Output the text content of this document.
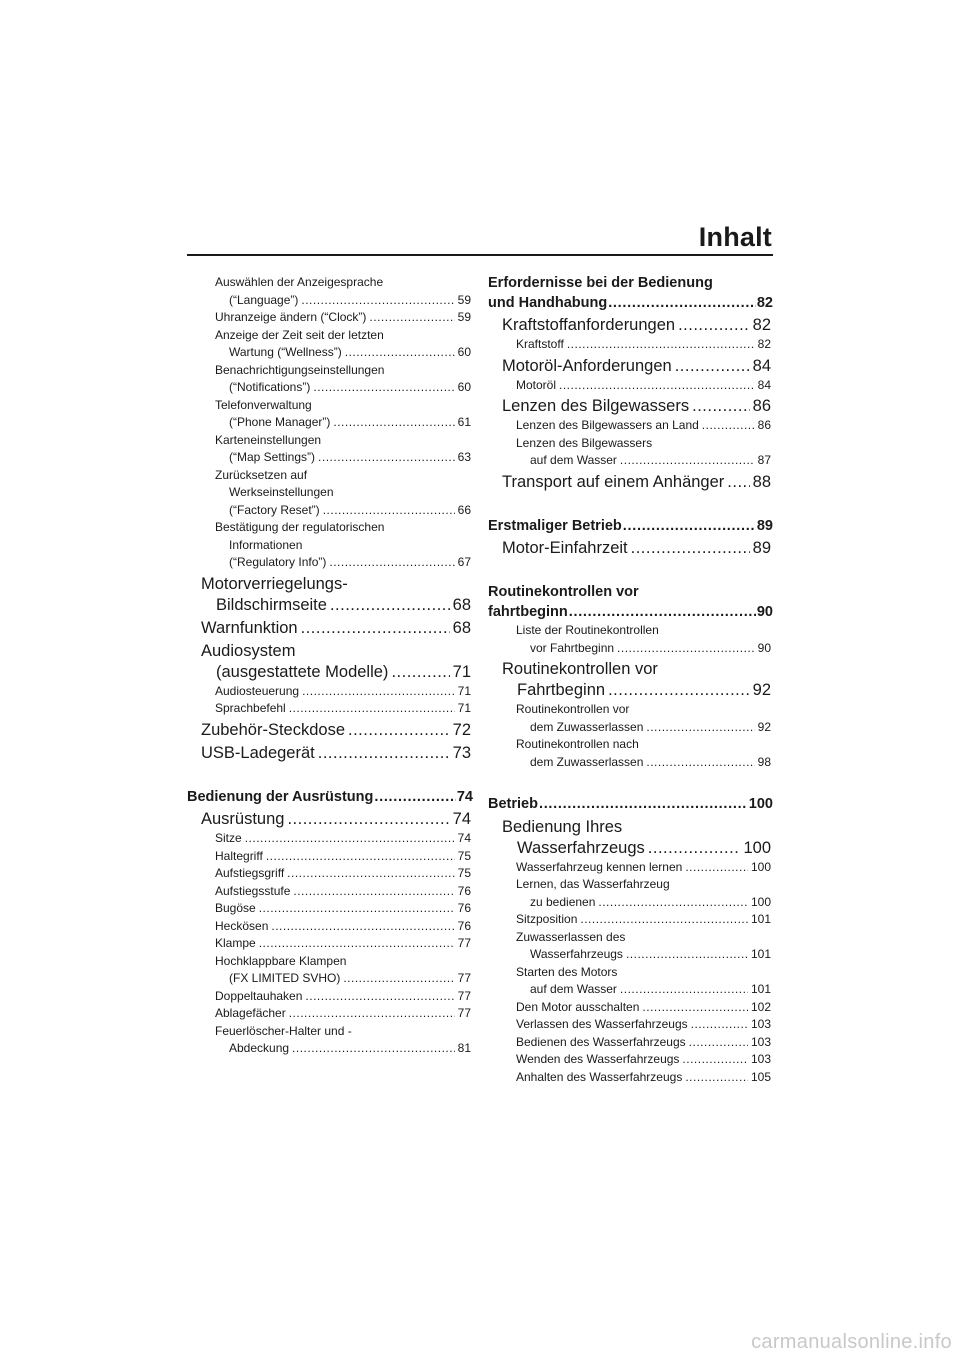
Inhalt
Auswählen der Anzeigesprache
(“Language”) .....	59
Uhranzeige ändern (“Clock”) .....	59
Anzeige der Zeit seit der letzten
Wartung (“Wellness”) .....	60
Benachrichtigungseinstellungen
(“Notifications”) .....	60
Telefonverwaltung
(“Phone Manager”) .....	61
Karteneinstellungen
(“Map Settings”) .....	63
Zurücksetzen auf
Werkseinstellungen
(“Factory Reset”) .....	66
Bestätigung der regulatorischen
Informationen
(“Regulatory Info”) .....	67
Motorverriegelungs-
Bildschirmseite .....	68
Warnfunktion .....	68
Audiosystem
(ausgestattete Modelle) .....	71
Audiosteuerung .....	71
Sprachbefehl .....	71
Zubehör-Steckdose .....	72
USB-Ladegerät .....	73
Bedienung der Ausrüstung .....	74
Ausrüstung .....	74
Sitze .....	74
Haltegriff .....	75
Aufstiegsgriff .....	75
Aufstiegsstufe .....	76
Bugöse .....	76
Heckösen .....	76
Klampe .....	77
Hochklappbare Klampen
(FX LIMITED SVHO) .....	77
Doppeltauhaken .....	77
Ablagefächer .....	77
Feuerlöscher-Halter und -
Abdeckung .....	81
Erfordernisse bei der Bedienung
und Handhabung .....	82
Kraftstoffanforderungen .....	82
Kraftstoff .....	82
Motoröl-Anforderungen .....	84
Motoröl .....	84
Lenzen des Bilgewassers .....	86
Lenzen des Bilgewassers an Land .....	86
Lenzen des Bilgewassers
auf dem Wasser .....	87
Transport auf einem Anhänger ..... 88
Erstmaliger Betrieb .....	89
Motor-Einfahrzeit .....	89
Routinekontrollen vor
fahrtbeginn .....	90
Liste der Routinekontrollen
vor Fahrtbeginn .....	90
Routinekontrollen vor
Fahrtbeginn .....	92
Routinekontrollen vor
dem Zuwasserlassen .....	92
Routinekontrollen nach
dem Zuwasserlassen .....	98
Betrieb .....	100
Bedienung Ihres
Wasserfahrzeugs .....	100
Wasserfahrzeug kennen lernen .....	100
Lernen, das Wasserfahrzeug
zu bedienen .....	100
Sitzposition .....	101
Zuwasserlassen des
Wasserfahrzeugs .....	101
Starten des Motors
auf dem Wasser .....	101
Den Motor ausschalten .....	102
Verlassen des Wasserfahrzeugs .....	103
Bedienen des Wasserfahrzeugs .....	103
Wenden des Wasserfahrzeugs .....	103
Anhalten des Wasserfahrzeugs .....	105
carmanualsonline.info
